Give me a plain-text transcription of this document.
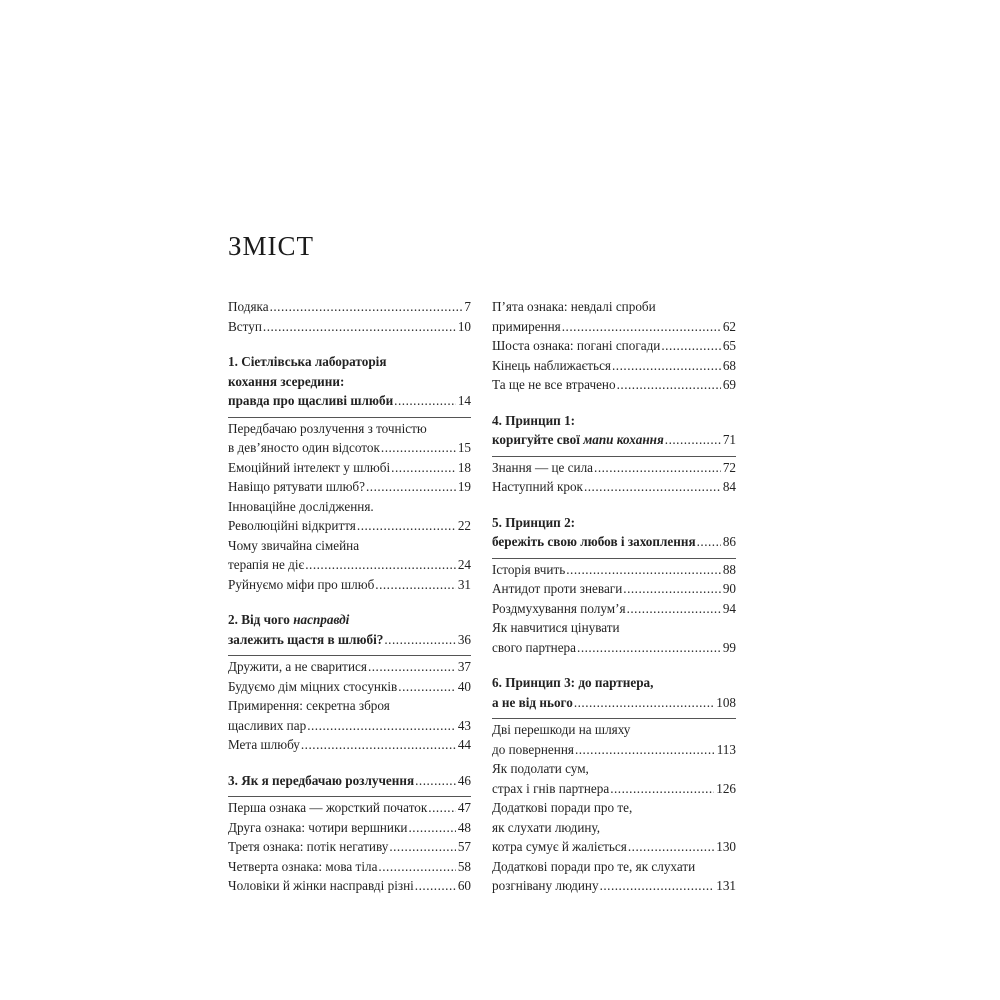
ЗМІСТ
Подяка .....	7
Вступ .....	10
1. Сіетлівська лабораторія
кохання зсередини:
правда про щасливі шлюби .....	14
Передбачаю розлучення з точністю
в дев’яносто один відсоток .....	15
Емоційний інтелект у шлюбі .....	18
Навіщо рятувати шлюб? .....	19
Інноваційне дослідження.
Революційні відкриття .....	22
Чому звичайна сімейна
терапія не діє .....	24
Руйнуємо міфи про шлюб .....	31
2. Від чого насправді
залежить щастя в шлюбі? .....	36
Дружити, а не сваритися .....	37
Будуємо дім міцних стосунків .....	40
Примирення: секретна зброя
щасливих пар .....	43
Мета шлюбу .....	44
3. Як я передбачаю розлучення .....	46
Перша ознака — жорсткий початок ..... 47
Друга ознака: чотири вершники .....	48
Третя ознака: потік негативу .....	57
Четверта ознака: мова тіла .....	58
Чоловіки й жінки насправді різні .....	60
П’ята ознака: невдалі спроби
примирення .....	62
Шоста ознака: погані спогади .....	65
Кінець наближається .....	68
Та ще не все втрачено .....	69
4. Принцип 1:
коригуйте свої мапи кохання .....	71
Знання — це сила .....	72
Наступний крок .....	84
5. Принцип 2:
бережіть свою любов і захоплення ..... 86
Історія вчить .....	88
Антидот проти зневаги .....	90
Роздмухування полум’я .....	94
Як навчитися цінувати
свого партнера .....	99
6. Принцип 3: до партнера,
а не від нього .....	108
Дві перешкоди на шляху
до повернення .....	113
Як подолати сум,
страх і гнів партнера .....	126
Додаткові поради про те,
як слухати людину,
котра сумує й жаліється .....	130
Додаткові поради про те, як слухати
розгнівану людину .....	131
